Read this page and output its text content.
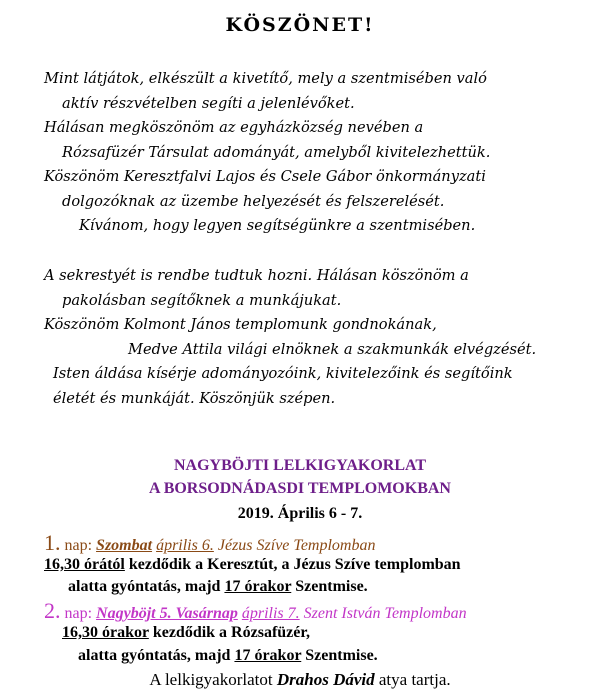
KÖSZÖNET!
Mint látjátok, elkészült a kivetítő, mely a szentmisében való
aktív részvételben segíti a jelenlévőket.
Hálásan megköszönöm az egyházközség nevében a
Rózsafüzér Társulat adományát, amelyből kivitelezhettük.
Köszönöm Keresztfalvi Lajos és Csele Gábor önkormányzati
dolgozóknak az üzembe helyezését és felszerelését.
Kívánom, hogy legyen segítségünkre a szentmisében.
A sekrestyét is rendbe tudtuk hozni. Hálásan köszönöm a
pakolásban segítőknek a munkájukat.
Köszönöm Kolmont János templomunk gondnokának,
Medve Attila világi elnöknek a szakmunkák elvégzését.
Isten áldása kísérje adományozóink, kivitelezőink és segítőink
életét és munkáját. Köszönjük szépen.
NAGYBÖJTI LELKIGYAKORLAT
A BORSODNÁDASDI TEMPLOMOKBAN
2019. Április 6 - 7.
1. nap: Szombat április 6. Jézus Szíve Templomban
16,30 órától kezdődik a Keresztút, a Jézus Szíve templomban
alatta gyóntatás, majd 17 órakor Szentmise.
2. nap: Nagyböjt 5. Vasárnap április 7. Szent István Templomban
16,30 órakor kezdődik a Rózsafüzér,
alatta gyóntatás, majd 17 órakor Szentmise.
A lelkigyakorlatot Drahos Dávid atya tartja.
